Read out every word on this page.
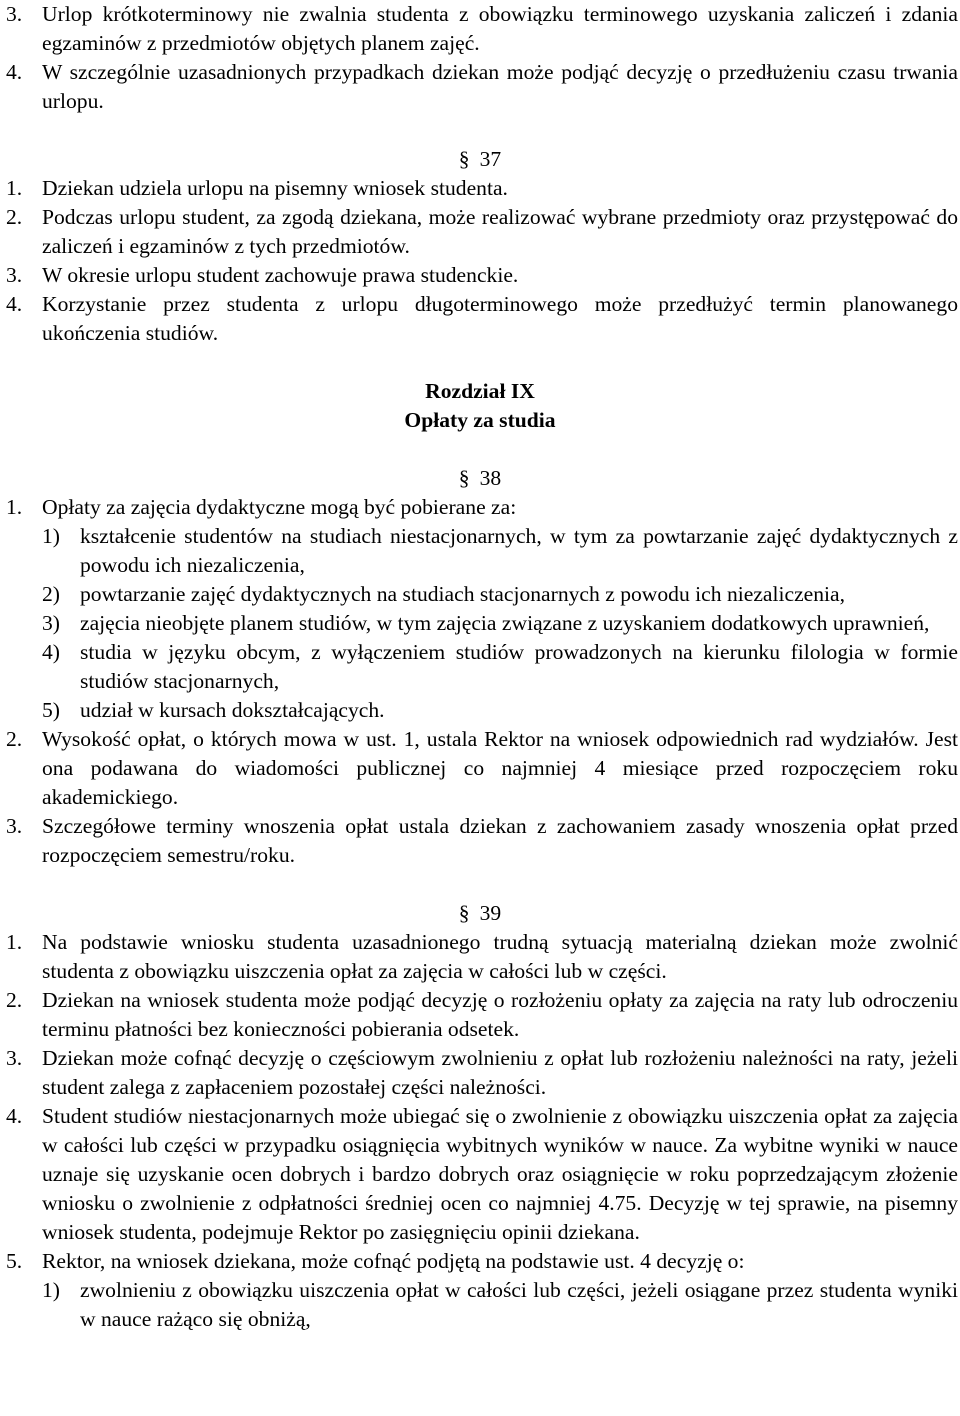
3. Urlop krótkoterminowy nie zwalnia studenta z obowiązku terminowego uzyskania zaliczeń i zdania egzaminów z przedmiotów objętych planem zajęć.
4. W szczególnie uzasadnionych przypadkach dziekan może podjąć decyzję o przedłużeniu czasu trwania urlopu.
§ 37
1. Dziekan udziela urlopu na pisemny wniosek studenta.
2. Podczas urlopu student, za zgodą dziekana, może realizować wybrane przedmioty oraz przystępować do zaliczeń i egzaminów z tych przedmiotów.
3. W okresie urlopu student zachowuje prawa studenckie.
4. Korzystanie przez studenta z urlopu długoterminowego może przedłużyć termin planowanego ukończenia studiów.
Rozdział IX
Opłaty za studia
§ 38
1. Opłaty za zajęcia dydaktyczne mogą być pobierane za:
1) kształcenie studentów na studiach niestacjonarnych, w tym za powtarzanie zajęć dydaktycznych z powodu ich niezaliczenia,
2) powtarzanie zajęć dydaktycznych na studiach stacjonarnych z powodu ich niezaliczenia,
3) zajęcia nieobjęte planem studiów, w tym zajęcia związane z uzyskaniem dodatkowych uprawnień,
4) studia w języku obcym, z wyłączeniem studiów prowadzonych na kierunku filologia w formie studiów stacjonarnych,
5) udział w kursach dokształcających.
2. Wysokość opłat, o których mowa w ust. 1, ustala Rektor na wniosek odpowiednich rad wydziałów. Jest ona podawana do wiadomości publicznej co najmniej 4 miesiące przed rozpoczęciem roku akademickiego.
3. Szczegółowe terminy wnoszenia opłat ustala dziekan z zachowaniem zasady wnoszenia opłat przed rozpoczęciem semestru/roku.
§ 39
1. Na podstawie wniosku studenta uzasadnionego trudną sytuacją materialną dziekan może zwolnić studenta z obowiązku uiszczenia opłat za zajęcia w całości lub w części.
2. Dziekan na wniosek studenta może podjąć decyzję o rozłożeniu opłaty za zajęcia na raty lub odroczeniu terminu płatności bez konieczności pobierania odsetek.
3. Dziekan może cofnąć decyzję o częściowym zwolnieniu z opłat lub rozłożeniu należności na raty, jeżeli student zalega z zapłaceniem pozostałej części należności.
4. Student studiów niestacjonarnych może ubiegać się o zwolnienie z obowiązku uiszczenia opłat za zajęcia w całości lub części w przypadku osiągnięcia wybitnych wyników w nauce. Za wybitne wyniki w nauce uznaje się uzyskanie ocen dobrych i bardzo dobrych oraz osiągnięcie w roku poprzedzającym złożenie wniosku o zwolnienie z odpłatności średniej ocen co najmniej 4.75. Decyzję w tej sprawie, na pisemny wniosek studenta, podejmuje Rektor po zasięgnięciu opinii dziekana.
5. Rektor, na wniosek dziekana, może cofnąć podjętą na podstawie ust. 4 decyzję o:
1) zwolnieniu z obowiązku uiszczenia opłat w całości lub części, jeżeli osiągane przez studenta wyniki w nauce rażąco się obniżą,
